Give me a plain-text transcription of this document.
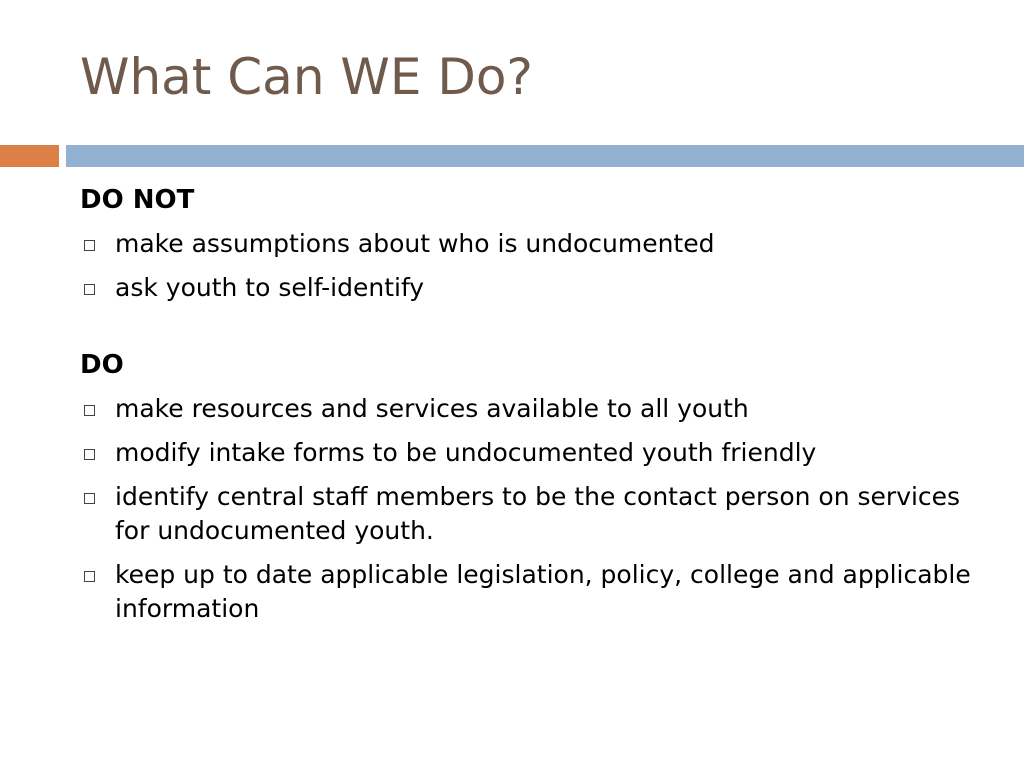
What Can WE Do?
DO NOT
make assumptions about who is undocumented
ask youth to self-identify
DO
make resources and services available to all youth
modify intake forms to be undocumented youth friendly
identify central staff members to be the contact person on services for undocumented youth.
keep up to date applicable legislation, policy, college and applicable information
